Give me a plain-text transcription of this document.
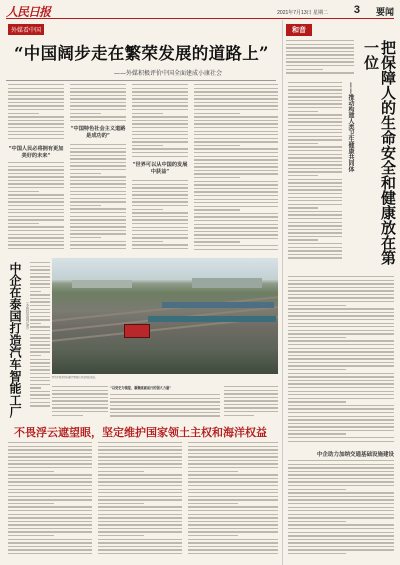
人民日报	2021年7月13日 星期二 3 要闻
外媒看中国
“中国阔步走在繁荣发展的道路上”
——外媒积极评价中国全面建成小康社会
“中国人民必将拥有更加美好的未来”
“中国特色社会主义道路是成功的”
“世界可以从中国的发展中获益”
中企在泰国打造汽车智能工厂 （本报驻泰国记者）
图为中欧班列满载货物驶出西安国际港站。
“以党史为镜鉴，凝聚砥砺前行的强大力量”
不畏浮云遮望眼，坚定维护国家领土主权和海洋权益
和音
把保障人的生命安全和健康放在第一位
——推动构建人类卫生健康共同体
中企助力加纳交通基础设施建设
